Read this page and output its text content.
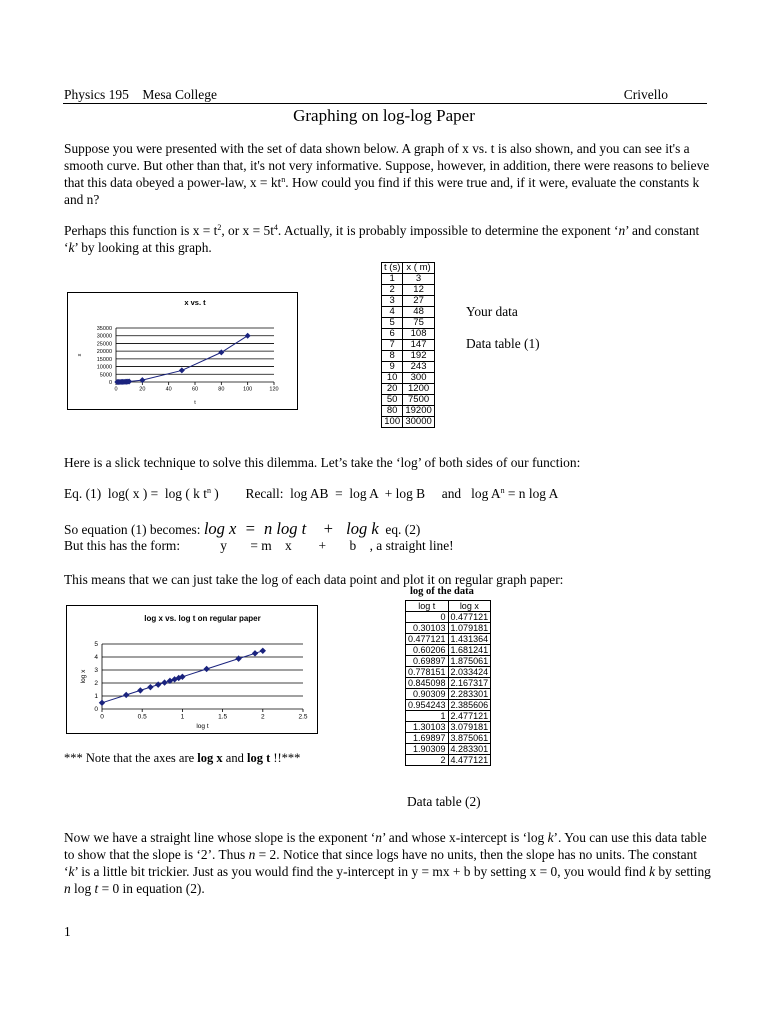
Physics 195 Mesa College	Crivello
Graphing on log-log Paper
Suppose you were presented with the set of data shown below. A graph of x vs. t is also shown, and you can see it's a smooth curve. But other than that, it's not very informative. Suppose, however, in addition, there were reasons to believe that this data obeyed a power-law, $x = kt^n$. How could you find if this were true and, if it were, evaluate the constants k and n?
Perhaps this function is $x = t^2$, or $x = 5t^4$. Actually, it is probably impossible to determine the exponent ‘n’ and constant ‘k’ by looking at this graph.
x vs. t
0
5000
10000
15000
20000
25000
30000
35000
0	20	40	60	80	100	120
t
x
t (s)	x ( m)
1	3
2	12
3	27
4	48
5	75
6	108
7	147
8	192
9	243
10	300
20	1200
50	7500
80	19200
100	30000
Your data
Data table (1)
Here is a slick technique to solve this dilemma. Let’s take the ‘log’ of both sides of our function:
Eq. (1)  log( x ) =  log ( k $t^n$ )        Recall:  log AB  =  log A  + log B     and   $\log A^n = n$ log A
So equation (1) becomes: log x  =  n log t    +   log k  eq. (2)
But this has the form:            y       = m    x        +       b    , a straight line!
This means that we can just take the log of each data point and plot it on regular graph paper:
log of the data
log t	log x
0	0.477121
0.30103	1.079181
0.477121	1.431364
0.60206	1.681241
0.69897	1.875061
0.778151	2.033424
0.845098	2.167317
0.90309	2.283301
0.954243	2.385606
1	2.477121
1.30103	3.079181
1.69897	3.875061
1.90309	4.283301
2	4.477121
Data table (2)
log x vs. log t on regular paper
0
1
2
3
4
5
0	0.5	1	1.5	2	2.5
log t
log x
*** Note that the axes are log x and log t !!***
Now we have a straight line whose slope is the exponent ‘n’ and whose x-intercept is ‘log k’. You can use this data table to show that the slope is ‘2’. Thus n = 2. Notice that since logs have no units, then the slope has no units. The constant ‘k’ is a little bit trickier. Just as you would find the y-intercept in y = mx + b by setting x = 0, you would find k by setting n log t = 0 in equation (2).
1
